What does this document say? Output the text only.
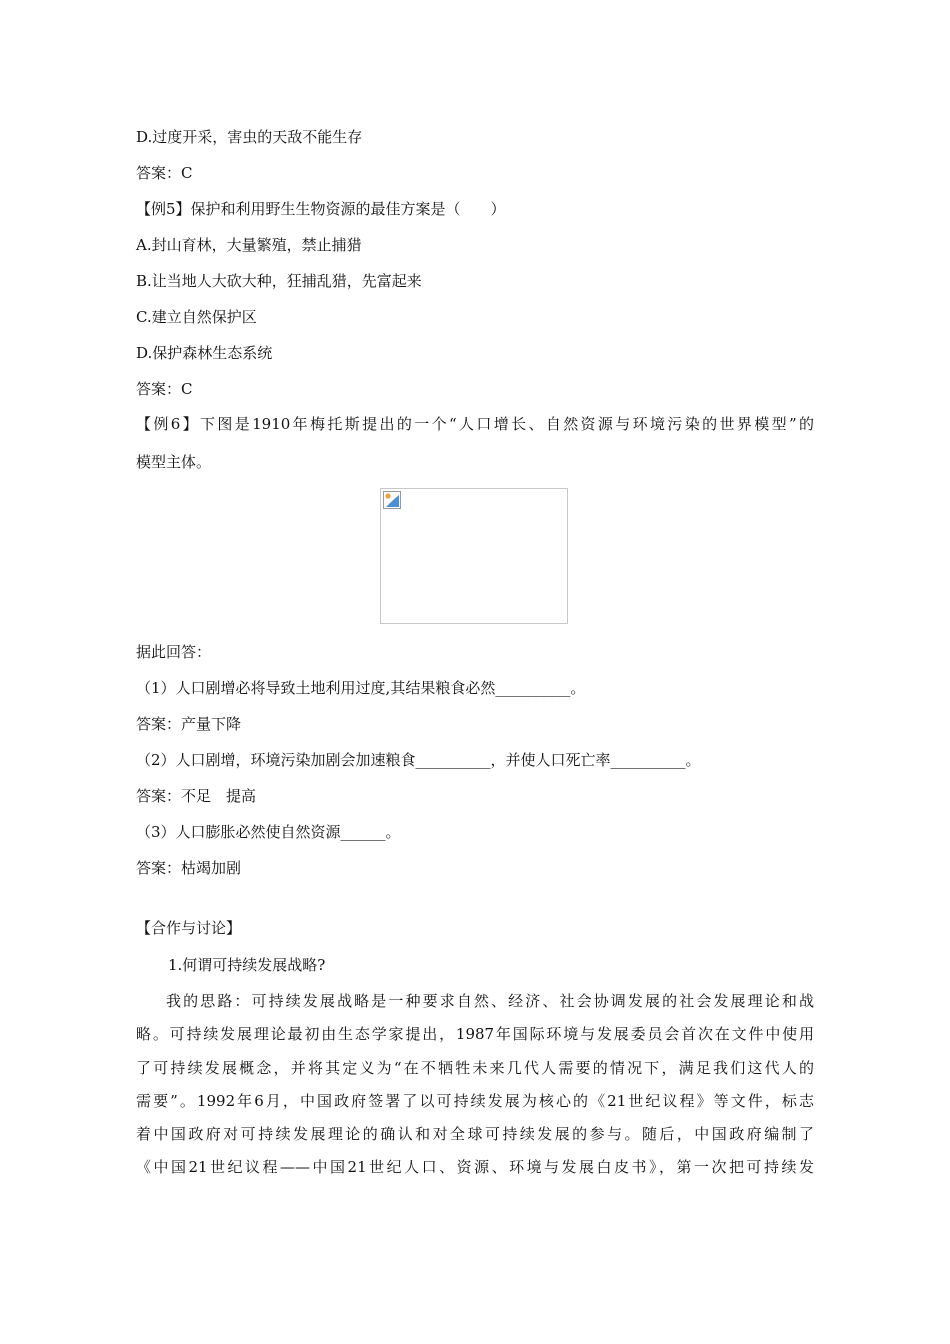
D.过度开采，害虫的天敌不能生存
答案：C
【例5】保护和利用野生生物资源的最佳方案是（　　）
A.封山育林，大量繁殖，禁止捕猎
B.让当地人大砍大种，狂捕乱猎，先富起来
C.建立自然保护区
D.保护森林生态系统
答案：C
【例6】下图是1910年梅托斯提出的一个“人口增长、自然资源与环境污染的世界模型”的
模型主体。
据此回答：
（1）人口剧增必将导致土地利用过度,其结果粮食必然__________。
答案：产量下降
（2）人口剧增，环境污染加剧会加速粮食__________，并使人口死亡率__________。
答案：不足　提高
（3）人口膨胀必然使自然资源______。
答案：枯竭加剧
【合作与讨论】
1.何谓可持续发展战略?
我的思路：可持续发展战略是一种要求自然、经济、社会协调发展的社会发展理论和战
略。可持续发展理论最初由生态学家提出，1987年国际环境与发展委员会首次在文件中使用
了可持续发展概念，并将其定义为“在不牺牲未来几代人需要的情况下，满足我们这代人的
需要”。1992年6月，中国政府签署了以可持续发展为核心的《21世纪议程》等文件，标志
着中国政府对可持续发展理论的确认和对全球可持续发展的参与。随后，中国政府编制了
《中国21世纪议程——中国21世纪人口、资源、环境与发展白皮书》，第一次把可持续发
